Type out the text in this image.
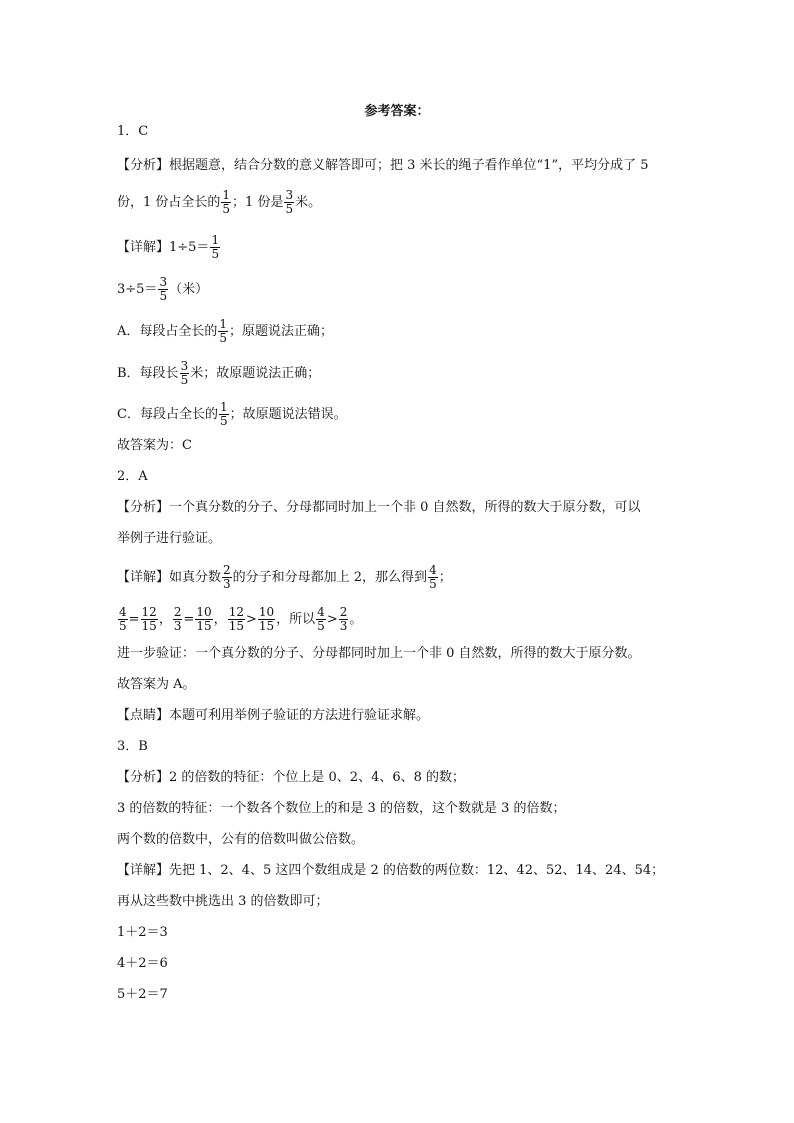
参考答案：
1．C
【分析】根据题意，结合分数的意义解答即可；把 3 米长的绳子看作单位“1”，平均分成了 5
份，1 份占全长的 $\frac{1}{5}$ ；1 份是 $\frac{3}{5}$ 米。
【详解】$1\div 5= \frac{1}{5}$
$3\div 5= \frac{3}{5}$ （米）
A．每段占全长的 $\frac{1}{5}$ ；原题说法正确；
B．每段长 $\frac{3}{5}$ 米；故原题说法正确；
C．每段占全长的 $\frac{1}{5}$ ；故原题说法错误。
故答案为：C
2．A
【分析】一个真分数的分子、分母都同时加上一个非 0 自然数，所得的数大于原分数，可以
举例子进行验证。
【详解】如真分数 $\frac{2}{3}$ 的分子和分母都加上 2，那么得到 $\frac{4}{5}$ ；
$\frac{4}{5} = \frac{12}{15}$ ， $\frac{2}{3} = \frac{10}{15}$ ， $\frac{12}{15} > \frac{10}{15}$ ，所以 $\frac{4}{5} > \frac{2}{3}$ 。
进一步验证：一个真分数的分子、分母都同时加上一个非 0 自然数，所得的数大于原分数。
故答案为 A。
【点睛】本题可利用举例子验证的方法进行验证求解。
3．B
【分析】2 的倍数的特征：个位上是 0、2、4、6、8 的数；
3 的倍数的特征：一个数各个数位上的和是 3 的倍数，这个数就是 3 的倍数；
两个数的倍数中，公有的倍数叫做公倍数。
【详解】先把 1、2、4、5 这四个数组成是 2 的倍数的两位数：12、42、52、14、24、54；
再从这些数中挑选出 3 的倍数即可；
1＋2＝3
4＋2＝6
5＋2＝7
